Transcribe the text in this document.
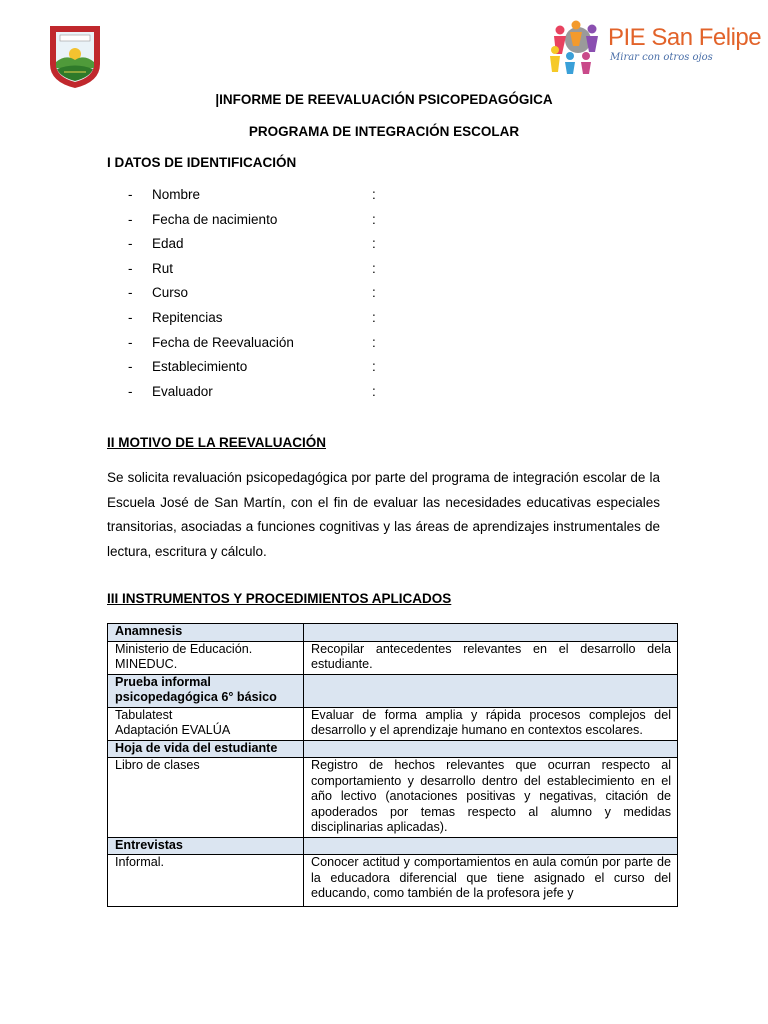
PIE San Felipe
Mirar con otros ojos
|INFORME DE REEVALUACIÓN PSICOPEDAGÓGICA
PROGRAMA DE INTEGRACIÓN ESCOLAR
I DATOS DE IDENTIFICACIÓN
- Nombre	:
- Fecha de nacimiento	:
- Edad	:
- Rut	:
- Curso	:
- Repitencias	:
- Fecha de Reevaluación	:
- Establecimiento	:
- Evaluador	:
II MOTIVO DE LA REEVALUACIÓN

Se solicita revaluación psicopedagógica por parte del programa de integración escolar de la Escuela José de San Martín, con el fin de evaluar las necesidades educativas especiales transitorias, asociadas a funciones cognitivas y las áreas de aprendizajes instrumentales de lectura, escritura y cálculo.

III INSTRUMENTOS Y PROCEDIMIENTOS APLICADOS
Anamnesis	
Ministerio de Educación.
MINEDUC.	Recopilar antecedentes relevantes en el desarrollo dela estudiante.
Prueba informal psicopedagógica 6° básico	
Tabulatest
Adaptación EVALÚA	Evaluar de forma amplia y rápida procesos complejos del desarrollo y el aprendizaje humano en contextos escolares.
Hoja de vida del estudiante	
Libro de clases	Registro de hechos relevantes que ocurran respecto al comportamiento y desarrollo dentro del establecimiento en el año lectivo (anotaciones positivas y negativas, citación de apoderados por temas respecto al alumno y medidas disciplinarias aplicadas).
Entrevistas	

Informal.	Conocer actitud y comportamientos en aula común por parte de la educadora diferencial que tiene asignado el curso del educando, como también de la profesora jefe y
